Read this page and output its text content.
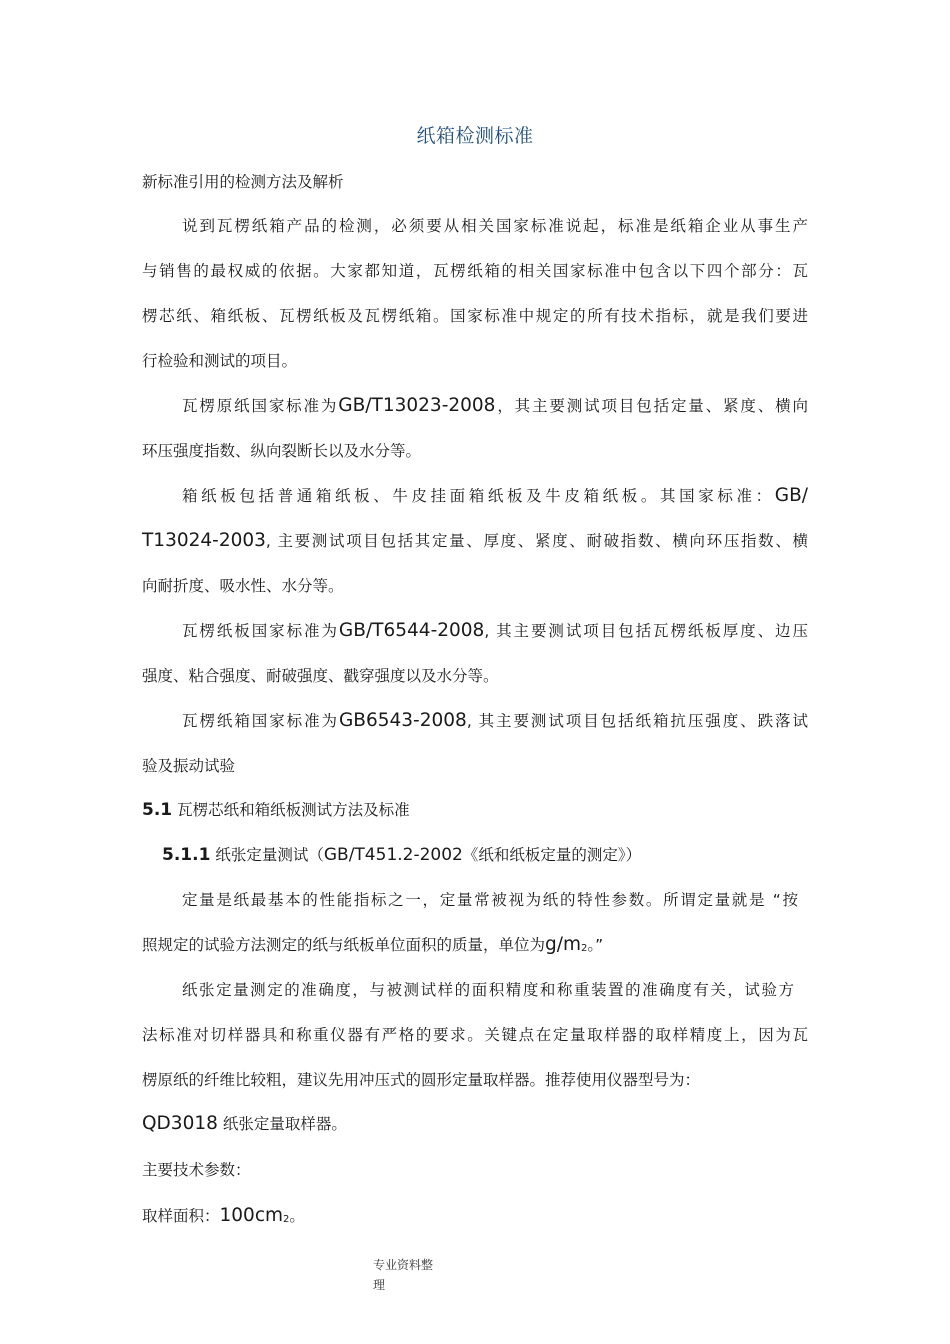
纸箱检测标准
新标准引用的检测方法及解析
说到瓦楞纸箱产品的检测，必须要从相关国家标准说起，标准是纸箱企业从事生产
与销售的最权威的依据。大家都知道，瓦楞纸箱的相关国家标准中包含以下四个部分：瓦
楞芯纸、箱纸板、瓦楞纸板及瓦楞纸箱。国家标准中规定的所有技术指标，就是我们要进
行检验和测试的项目。
瓦楞原纸国家标准为GB/T13023-2008，其主要测试项目包括定量、紧度、横向
环压强度指数、纵向裂断长以及水分等。
箱纸板包括普通箱纸板、牛皮挂面箱纸板及牛皮箱纸板。其国家标准：GB/
T13024-2003, 主要测试项目包括其定量、厚度、紧度、耐破指数、横向环压指数、横
向耐折度、吸水性、水分等。
瓦楞纸板国家标准为GB/T6544-2008, 其主要测试项目包括瓦楞纸板厚度、边压
强度、粘合强度、耐破强度、戳穿强度以及水分等。
瓦楞纸箱国家标准为GB6543-2008, 其主要测试项目包括纸箱抗压强度、跌落试
验及振动试验
5.1 瓦楞芯纸和箱纸板测试方法及标准
5.1.1 纸张定量测试（GB/T451.2-2002《纸和纸板定量的测定》）
定量是纸最基本的性能指标之一，定量常被视为纸的特性参数。所谓定量就是 “按
照规定的试验方法测定的纸与纸板单位面积的质量，单位为$g/m_2$。”
纸张定量测定的准确度，与被测试样的面积精度和称重装置的准确度有关，试验方
法标准对切样器具和称重仪器有严格的要求。关键点在定量取样器的取样精度上，因为瓦
楞原纸的纤维比较粗，建议先用冲压式的圆形定量取样器。推荐使用仪器型号为：
QD3018 纸张定量取样器。
主要技术参数：
取样面积：$100cm_2$。
专业资料整
理
